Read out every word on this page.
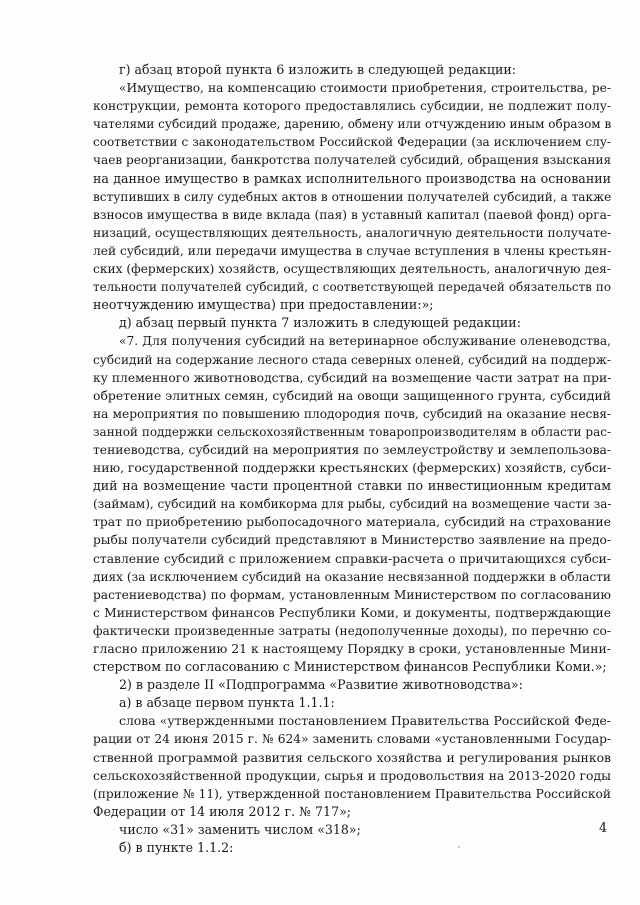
г) абзац второй пункта 6 изложить в следующей редакции:
«Имущество, на компенсацию стоимости приобретения, строительства, ре-
конструкции, ремонта которого предоставлялись субсидии, не подлежит полу-
чателями субсидий продаже, дарению, обмену или отчуждению иным образом в
соответствии с законодательством Российской Федерации (за исключением слу-
чаев реорганизации, банкротства получателей субсидий, обращения взыскания
на данное имущество в рамках исполнительного производства на основании
вступивших в силу судебных актов в отношении получателей субсидий, а также
взносов имущества в виде вклада (пая) в уставный капитал (паевой фонд) орга-
низаций, осуществляющих деятельность, аналогичную деятельности получате-
лей субсидий, или передачи имущества в случае вступления в члены крестьян-
ских (фермерских) хозяйств, осуществляющих деятельность, аналогичную дея-
тельности получателей субсидий, с соответствующей передачей обязательств по
неотчуждению имущества) при предоставлении:»;
д) абзац первый пункта 7 изложить в следующей редакции:
«7. Для получения субсидий на ветеринарное обслуживание оленеводства,
субсидий на содержание лесного стада северных оленей, субсидий на поддерж-
ку племенного животноводства, субсидий на возмещение части затрат на при-
обретение элитных семян, субсидий на овощи защищенного грунта, субсидий
на мероприятия по повышению плодородия почв, субсидий на оказание несвя-
занной поддержки сельскохозяйственным товаропроизводителям в области рас-
тениеводства, субсидий на мероприятия по землеустройству и землепользова-
нию, государственной поддержки крестьянских (фермерских) хозяйств, субси-
дий на возмещение части процентной ставки по инвестиционным кредитам
(займам), субсидий на комбикорма для рыбы, субсидий на возмещение части за-
трат по приобретению рыбопосадочного материала, субсидий на страхование
рыбы получатели субсидий представляют в Министерство заявление на предо-
ставление субсидий с приложением справки-расчета о причитающихся субси-
диях (за исключением субсидий на оказание несвязанной поддержки в области
растениеводства) по формам, установленным Министерством по согласованию
с Министерством финансов Республики Коми, и документы, подтверждающие
фактически произведенные затраты (недополученные доходы), по перечню со-
гласно приложению 21 к настоящему Порядку в сроки, установленные Мини-
стерством по согласованию с Министерством финансов Республики Коми.»;
2) в разделе II «Подпрограмма «Развитие животноводства»:
а) в абзаце первом пункта 1.1.1:
слова «утвержденными постановлением Правительства Российской Феде-
рации от 24 июня 2015 г. № 624» заменить словами «установленными Государ-
ственной программой развития сельского хозяйства и регулирования рынков
сельскохозяйственной продукции, сырья и продовольствия на 2013-2020 годы
(приложение № 11), утвержденной постановлением Правительства Российской
Федерации от 14 июля 2012 г. № 717»;
число «31» заменить числом «318»;
б) в пункте 1.1.2:
4
